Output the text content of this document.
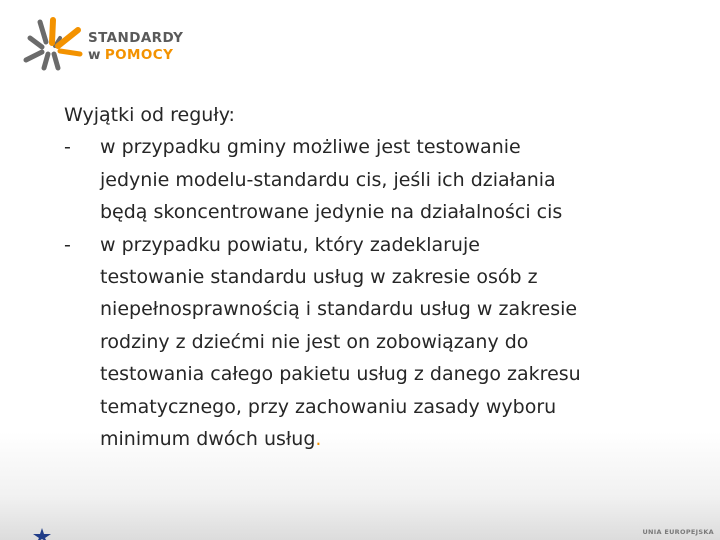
STANDARDY
w POMOCY

Wyjątki od reguły:

-	w przypadku gminy możliwe jest testowanie
jedynie modelu-standardu cis, jeśli ich działania
będą skoncentrowane jedynie na działalności cis
-	w przypadku powiatu, który zadeklaruje
testowanie standardu usług w zakresie osób z
niepełnosprawnością i standardu usług w zakresie
rodziny z dziećmi nie jest on zobowiązany do
testowania całego pakietu usług z danego zakresu
tematycznego, przy zachowaniu zasady wyboru
minimum dwóch usług.
UNIA EUROPEJSKA
